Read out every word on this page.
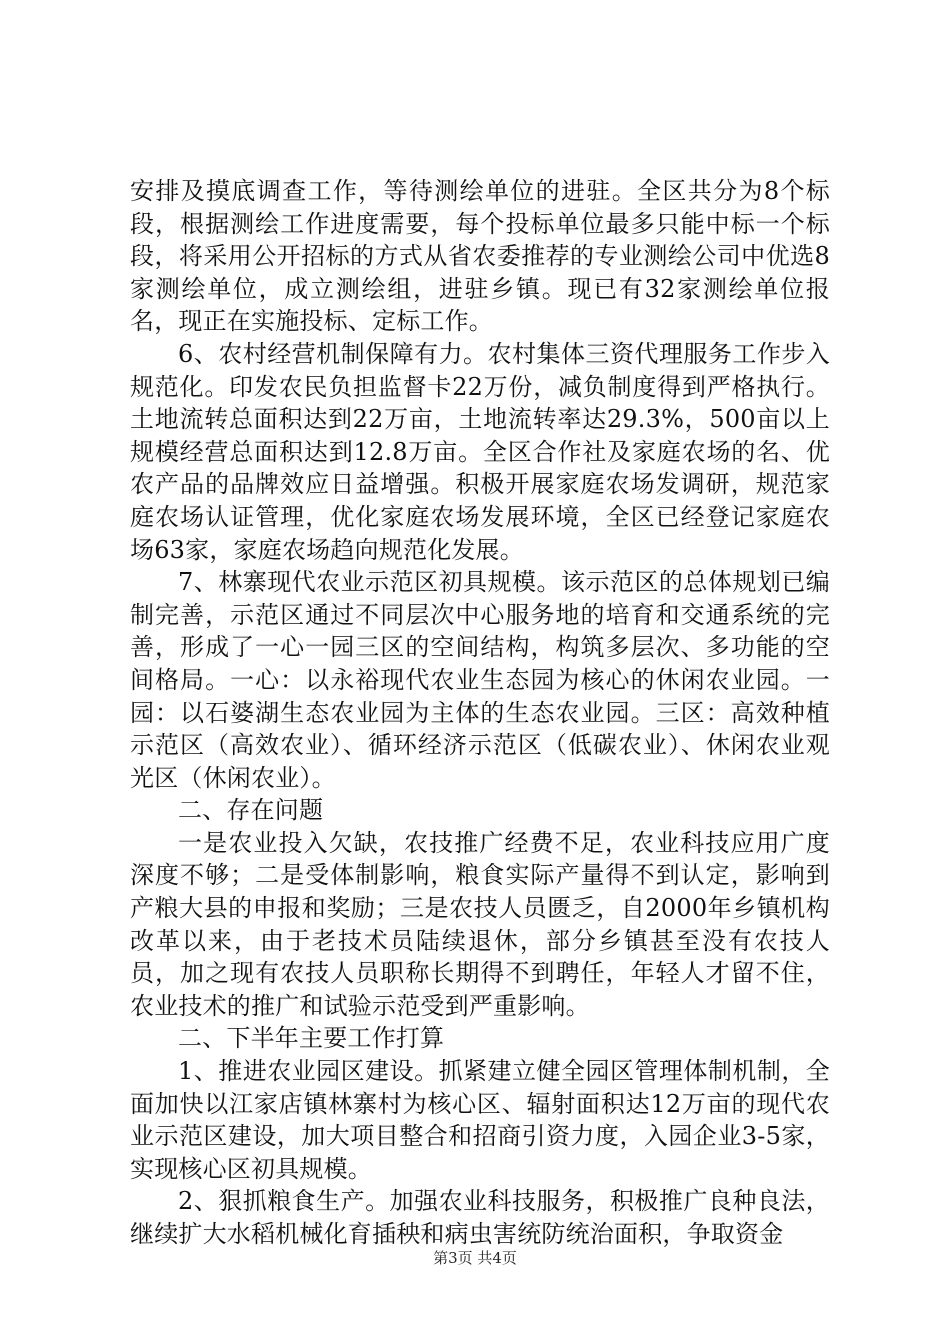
安排及摸底调查工作，等待测绘单位的进驻。全区共分为8个标段，根据测绘工作进度需要，每个投标单位最多只能中标一个标段，将采用公开招标的方式从省农委推荐的专业测绘公司中优选8家测绘单位，成立测绘组，进驻乡镇。现已有32家测绘单位报名，现正在实施投标、定标工作。

6、农村经营机制保障有力。农村集体三资代理服务工作步入规范化。印发农民负担监督卡22万份，减负制度得到严格执行。土地流转总面积达到22万亩，土地流转率达29.3%，500亩以上规模经营总面积达到12.8万亩。全区合作社及家庭农场的名、优农产品的品牌效应日益增强。积极开展家庭农场发调研，规范家庭农场认证管理，优化家庭农场发展环境，全区已经登记家庭农场63家，家庭农场趋向规范化发展。

7、林寨现代农业示范区初具规模。该示范区的总体规划已编制完善，示范区通过不同层次中心服务地的培育和交通系统的完善，形成了一心一园三区的空间结构，构筑多层次、多功能的空间格局。一心：以永裕现代农业生态园为核心的休闲农业园。一园：以石婆湖生态农业园为主体的生态农业园。三区：高效种植示范区（高效农业）、循环经济示范区（低碳农业）、休闲农业观光区（休闲农业）。

二、存在问题

一是农业投入欠缺，农技推广经费不足，农业科技应用广度深度不够；二是受体制影响，粮食实际产量得不到认定，影响到产粮大县的申报和奖励；三是农技人员匮乏，自2000年乡镇机构改革以来，由于老技术员陆续退休，部分乡镇甚至没有农技人员，加之现有农技人员职称长期得不到聘任，年轻人才留不住，农业技术的推广和试验示范受到严重影响。

二、下半年主要工作打算

1、推进农业园区建设。抓紧建立健全园区管理体制机制，全面加快以江家店镇林寨村为核心区、辐射面积达12万亩的现代农业示范区建设，加大项目整合和招商引资力度，入园企业3-5家，实现核心区初具规模。

2、狠抓粮食生产。加强农业科技服务，积极推广良种良法，继续扩大水稻机械化育插秧和病虫害统防统治面积，争取资金

第3页 共4页
